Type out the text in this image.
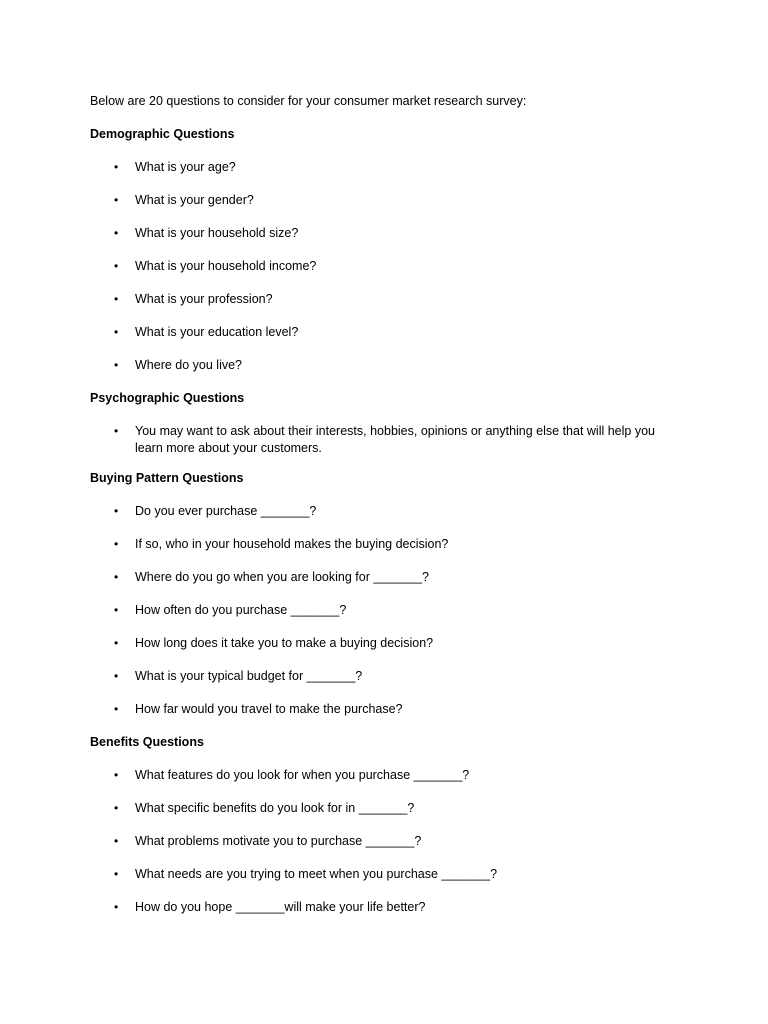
Below are 20 questions to consider for your consumer market research survey:

Demographic Questions

• What is your age?
• What is your gender?
• What is your household size?
• What is your household income?
• What is your profession?
• What is your education level?
• Where do you live?

Psychographic Questions

• You may want to ask about their interests, hobbies, opinions or anything else that will help you learn more about your customers.

Buying Pattern Questions

• Do you ever purchase _______?
• If so, who in your household makes the buying decision?
• Where do you go when you are looking for _______?
• How often do you purchase _______?
• How long does it take you to make a buying decision?
• What is your typical budget for _______?
• How far would you travel to make the purchase?

Benefits Questions

• What features do you look for when you purchase _______?
• What specific benefits do you look for in _______?
• What problems motivate you to purchase _______?
• What needs are you trying to meet when you purchase _______?
• How do you hope _______will make your life better?
